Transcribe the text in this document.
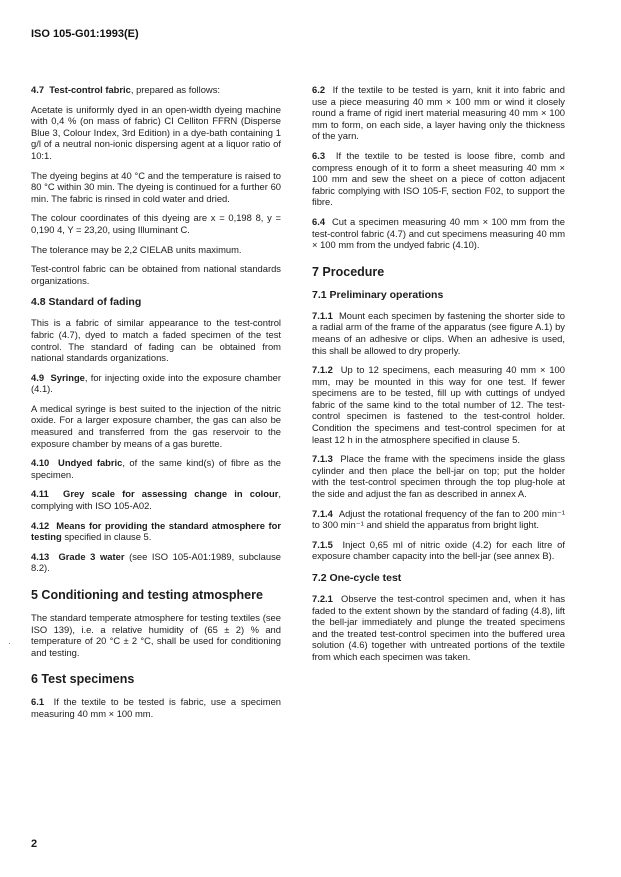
ISO 105-G01:1993(E)
·

4.7 Test-control fabric, prepared as follows:

Acetate is uniformly dyed in an open-width dyeing machine with 0,4 % (on mass of fabric) CI Celliton FFRN (Disperse Blue 3, Colour Index, 3rd Edition) in a dye-bath containing 1 g/l of a neutral non-ionic dispersing agent at a liquor ratio of 10:1.

The dyeing begins at 40 °C and the temperature is raised to 80 °C within 30 min. The dyeing is continued for a further 60 min. The fabric is rinsed in cold water and dried.

The colour coordinates of this dyeing are x = 0,198 8, y = 0,190 4, Y = 23,20, using Illuminant C.

The tolerance may be 2,2 CIELAB units maximum.

Test-control fabric can be obtained from national standards organizations.

4.8 Standard of fading

This is a fabric of similar appearance to the test-control fabric (4.7), dyed to match a faded specimen of the test control. The standard of fading can be obtained from national standards organizations.

4.9 Syringe, for injecting oxide into the exposure chamber (4.1).

A medical syringe is best suited to the injection of the nitric oxide. For a larger exposure chamber, the gas can also be measured and transferred from the gas reservoir to the exposure chamber by means of a gas burette.

4.10 Undyed fabric, of the same kind(s) of fibre as the specimen.

4.11 Grey scale for assessing change in colour, complying with ISO 105-A02.

4.12 Means for providing the standard atmosphere for testing specified in clause 5.

4.13 Grade 3 water (see ISO 105-A01:1989, subclause 8.2).

5 Conditioning and testing atmosphere

The standard temperate atmosphere for testing textiles (see ISO 139), i.e. a relative humidity of (65 ± 2) % and temperature of 20 °C ± 2 °C, shall be used for conditioning and testing.

6 Test specimens

6.1 If the textile to be tested is fabric, use a specimen measuring 40 mm × 100 mm.

6.2 If the textile to be tested is yarn, knit it into fabric and use a piece measuring 40 mm × 100 mm or wind it closely round a frame of rigid inert material measuring 40 mm × 100 mm to form, on each side, a layer having only the thickness of the yarn.

6.3 If the textile to be tested is loose fibre, comb and compress enough of it to form a sheet measuring 40 mm × 100 mm and sew the sheet on a piece of cotton adjacent fabric complying with ISO 105-F, section F02, to support the fibre.

6.4 Cut a specimen measuring 40 mm × 100 mm from the test-control fabric (4.7) and cut specimens measuring 40 mm × 100 mm from the undyed fabric (4.10).

7 Procedure
7.1 Preliminary operations

7.1.1 Mount each specimen by fastening the shorter side to a radial arm of the frame of the apparatus (see figure A.1) by means of an adhesive or clips. When an adhesive is used, this shall be allowed to dry properly.

7.1.2 Up to 12 specimens, each measuring 40 mm × 100 mm, may be mounted in this way for one test. If fewer specimens are to be tested, fill up with cuttings of undyed fabric of the same kind to the total number of 12. The test-control specimen is fastened to the test-control holder. Condition the specimens and test-control specimen for at least 12 h in the atmosphere specified in clause 5.

7.1.3 Place the frame with the specimens inside the glass cylinder and then place the bell-jar on top; put the holder with the test-control specimen through the top plug-hole at the side and adjust the fan as described in annex A.

7.1.4 Adjust the rotational frequency of the fan to 200 min⁻¹ to 300 min⁻¹ and shield the apparatus from bright light.

7.1.5 Inject 0,65 ml of nitric oxide (4.2) for each litre of exposure chamber capacity into the bell-jar (see annex B).

7.2 One-cycle test

7.2.1 Observe the test-control specimen and, when it has faded to the extent shown by the standard of fading (4.8), lift the bell-jar immediately and plunge the treated specimens and the treated test-control specimen into the buffered urea solution (4.6) together with untreated portions of the textile from which each specimen was taken.

2
